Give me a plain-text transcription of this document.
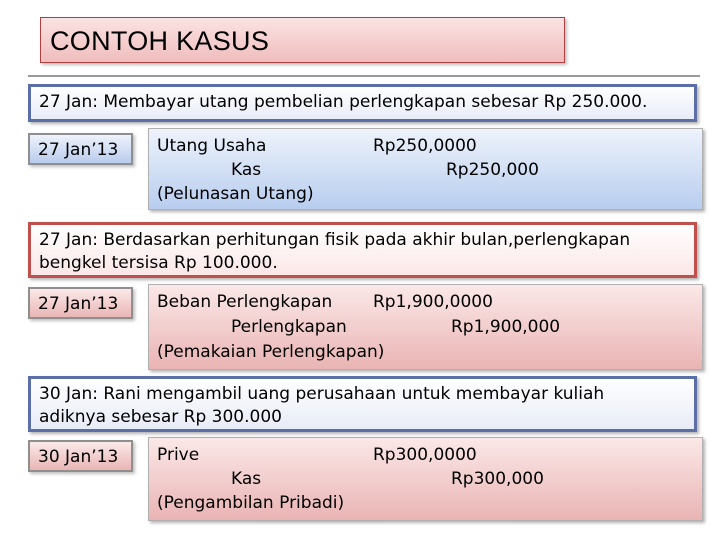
CONTOH KASUS
27 Jan: Membayar utang pembelian perlengkapan sebesar Rp 250.000.
27 Jan’13	Utang Usaha	Rp250,0000
Kas	Rp250,000
(Pelunasan Utang)
27 Jan: Berdasarkan perhitungan fisik pada akhir bulan,perlengkapan
bengkel tersisa Rp 100.000.
27 Jan’13	Beban Perlengkapan Rp1,900,0000
Perlengkapan	Rp1,900,000
(Pemakaian Perlengkapan)
30 Jan: Rani mengambil uang perusahaan untuk membayar kuliah
adiknya sebesar Rp 300.000
30 Jan’13	Prive	Rp300,0000
Kas	Rp300,000
(Pengambilan Pribadi)
